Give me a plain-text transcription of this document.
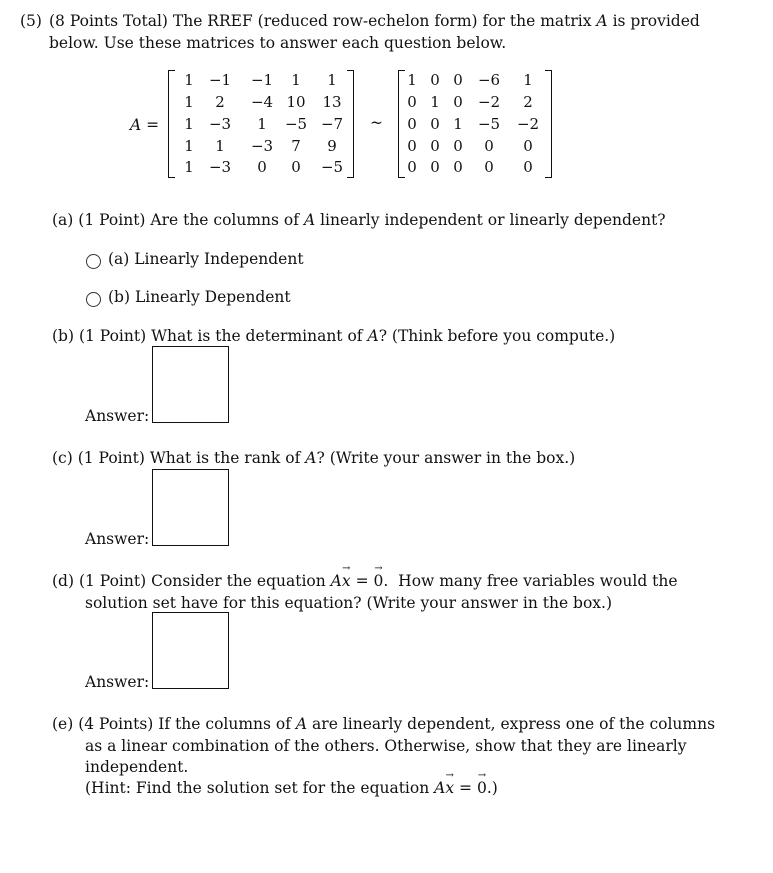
(5) (8 Points Total) The RREF (reduced row-echelon form) for the matrix A is provided
below. Use these matrices to answer each question below.
A =
1	−1	−1	1	1
1	2	−4 10	13
1	−3	1	−5 −7
1	1	−3	7	9
1	−3	0	0	−5
~
1 0 0	−6	1
0 1 0	−2	2
0 0 1	−5 −2
0 0 0	0	0
0 0 0	0	0
(a) (1 Point) Are the columns of A linearly independent or linearly dependent?
(a) Linearly Independent
(b) Linearly Dependent
(b) (1 Point) What is the determinant of A? (Think before you compute.)
Answer:
(c) (1 Point) What is the rank of A? (Write your answer in the box.)
Answer:
(d) (1 Point) Consider the equation Ax
→
= 0
→
. How many free variables would the
solution set have for this equation? (Write your answer in the box.)
Answer:
(e) (4 Points) If the columns of A are linearly dependent, express one of the columns
as a linear combination of the others. Otherwise, show that they are linearly
independent.
(Hint: Find the solution set for the equation Ax
→
= 0
→
.)
